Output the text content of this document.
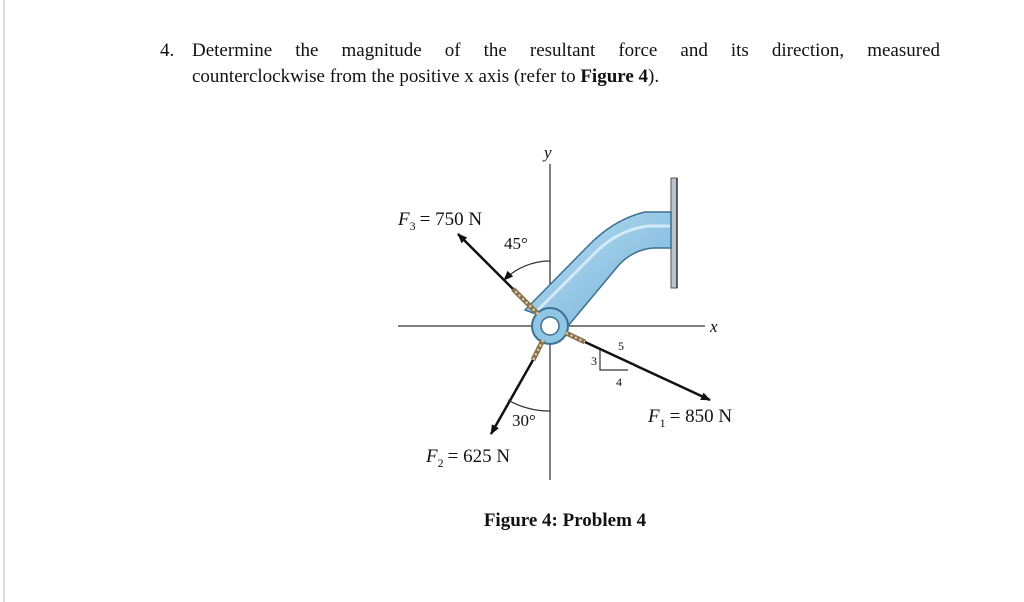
4. Determine the magnitude of the resultant force and its direction, measured
counterclockwise from the positive x axis (refer to Figure 4).
x
y
5
3
4
45°
30°
$F_3 = 750$ N
$F_2 = 625$ N
$F_1 = 850$ N
Figure 4: Problem 4
